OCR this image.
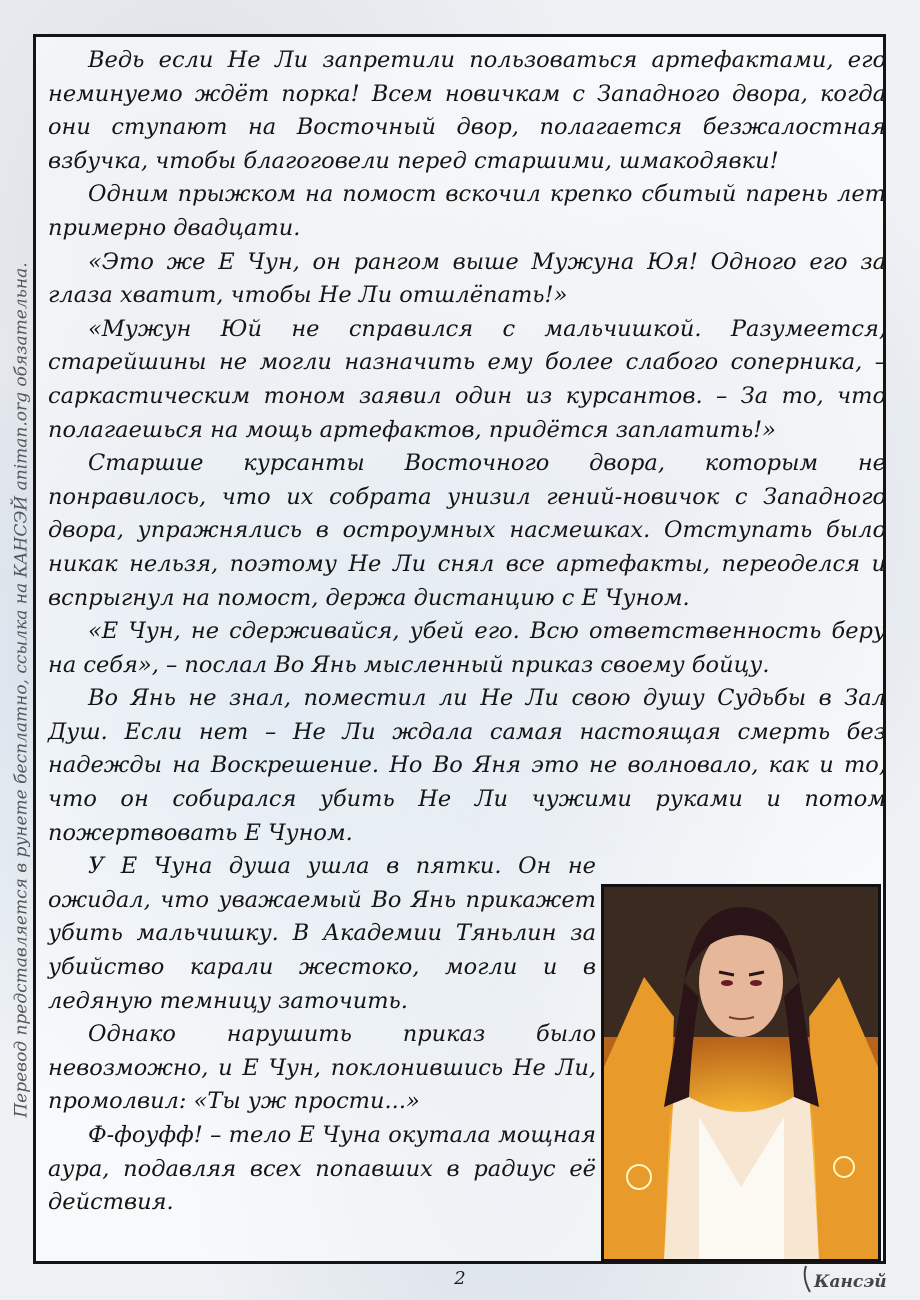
Перевод представляется в рунете бесплатно, ссылка на КАНСЭЙ animan.org обязательна.

Ведь если Не Ли запретили пользоваться артефактами, его неминуемо ждёт порка! Всем новичкам с Западного двора, когда они ступают на Восточный двор, полагается безжалостная взбучка, чтобы благоговели перед старшими, шмакодявки!

Одним прыжком на помост вскочил крепко сбитый парень лет примерно двадцати.

«Это же Е Чун, он рангом выше Мужуна Юя! Одного его за глаза хватит, чтобы Не Ли отшлёпать!»

«Мужун Юй не справился с мальчишкой. Разумеется, старейшины не могли назначить ему более слабого соперника, – саркастическим тоном заявил один из курсантов. – За то, что полагаешься на мощь артефактов, придётся заплатить!»

Старшие курсанты Восточного двора, которым не понравилось, что их собрата унизил гений-новичок с Западного двора, упражнялись в остроумных насмешках. Отступать было никак нельзя, поэтому Не Ли снял все артефакты, переоделся и вспрыгнул на помост, держа дистанцию с Е Чуном.

«Е Чун, не сдерживайся, убей его. Всю ответственность беру на себя», – послал Во Янь мысленный приказ своему бойцу.

Во Янь не знал, поместил ли Не Ли свою душу Судьбы в Зал Душ. Если нет – Не Ли ждала самая настоящая смерть без надежды на Воскрешение. Но Во Яня это не волновало, как и то, что он собирался убить Не Ли чужими руками и потом пожертвовать Е Чуном.

У Е Чуна душа ушла в пятки. Он не ожидал, что уважаемый Во Янь прикажет убить мальчишку. В Академии Тяньлин за убийство карали жестоко, могли и в ледяную темницу заточить.

Однако нарушить приказ было невозможно, и Е Чун, поклонившись Не Ли, промолвил: «Ты уж прости...»

Ф-фоуфф! – тело Е Чуна окутала мощная аура, подавляя всех попавших в радиус её действия.

2	Кансэй
